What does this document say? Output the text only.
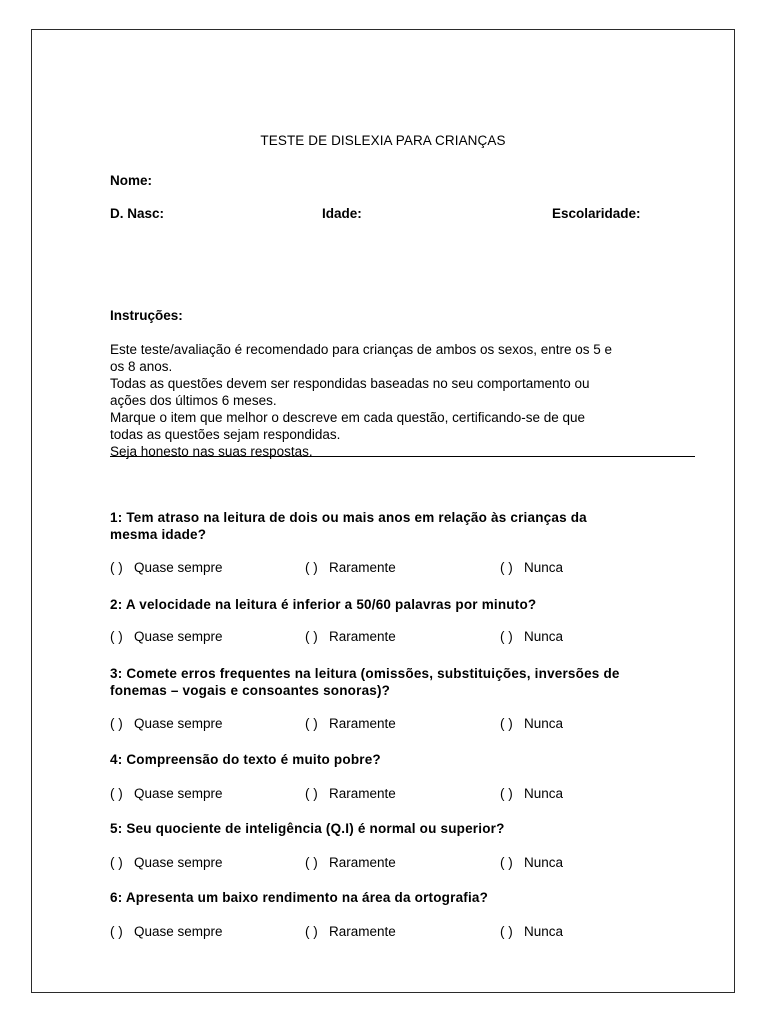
TESTE DE DISLEXIA PARA CRIANÇAS
Nome:
D. Nasc:	Idade:	Escolaridade:
Instruções:
Este teste/avaliação é recomendado para crianças de ambos os sexos, entre os 5 e
os 8 anos.
Todas as questões devem ser respondidas baseadas no seu comportamento ou
ações dos últimos 6 meses.
Marque o item que melhor o descreve em cada questão, certificando-se de que
todas as questões sejam respondidas.
Seja honesto nas suas respostas.
1: Tem atraso na leitura de dois ou mais anos em relação às crianças da
mesma idade?
( ) Quase sempre	( ) Raramente	( ) Nunca
2: A velocidade na leitura é inferior a 50/60 palavras por minuto?
( ) Quase sempre	( ) Raramente	( ) Nunca
3: Comete erros frequentes na leitura (omissões, substituições, inversões de
fonemas – vogais e consoantes sonoras)?
( ) Quase sempre	( ) Raramente	( ) Nunca
4: Compreensão do texto é muito pobre?
( ) Quase sempre	( ) Raramente	( ) Nunca
5: Seu quociente de inteligência (Q.I) é normal ou superior?
( ) Quase sempre	( ) Raramente	( ) Nunca
6: Apresenta um baixo rendimento na área da ortografia?
( ) Quase sempre	( ) Raramente	( ) Nunca
